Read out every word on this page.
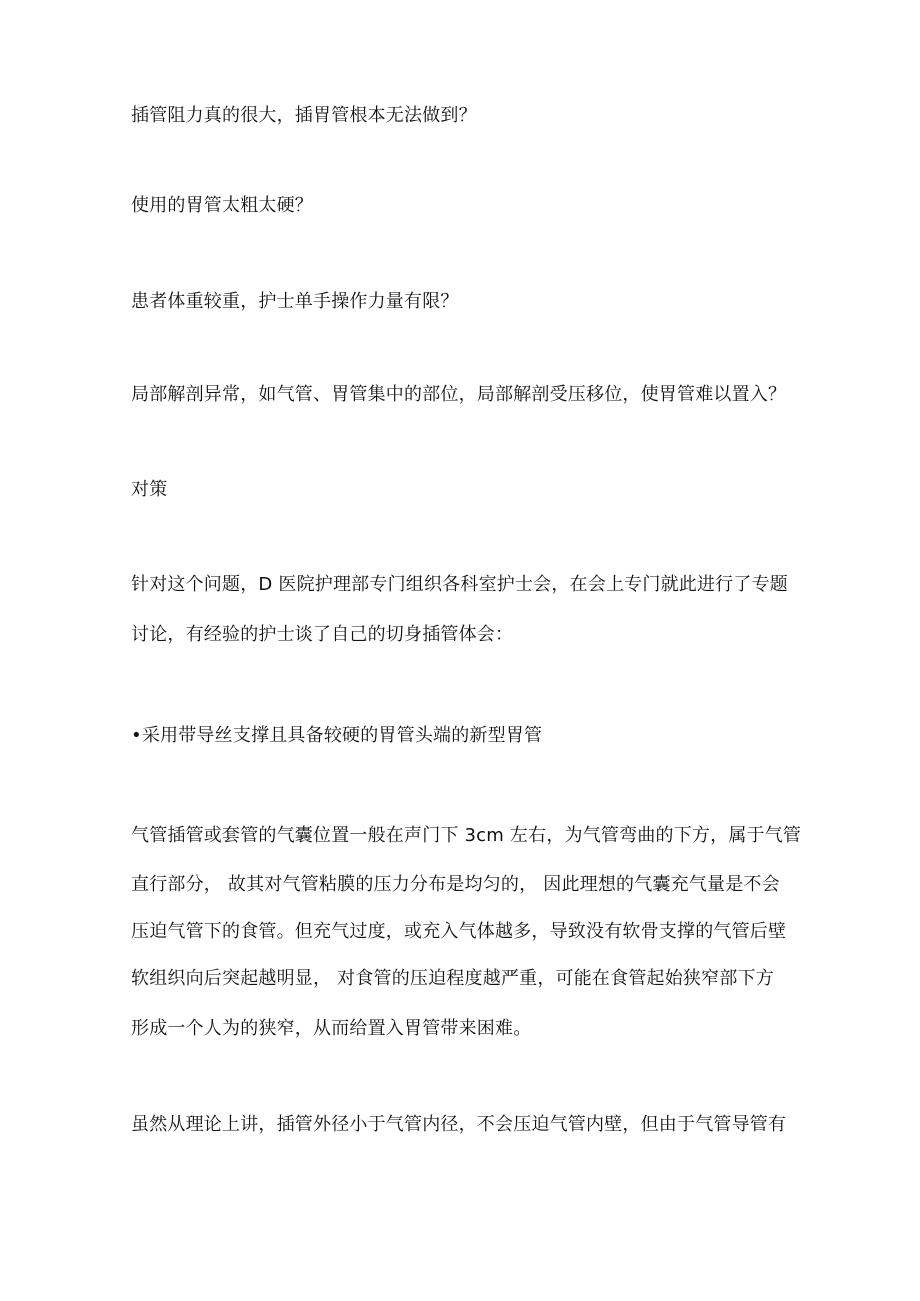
插管阻力真的很大，插胃管根本无法做到？
使用的胃管太粗太硬？
患者体重较重，护士单手操作力量有限？
局部解剖异常，如气管、胃管集中的部位，局部解剖受压移位，使胃管难以置入？
对策
针对这个问题，D 医院护理部专门组织各科室护士会，在会上专门就此进行了专题
讨论，有经验的护士谈了自己的切身插管体会：
•采用带导丝支撑且具备较硬的胃管头端的新型胃管
气管插管或套管的气囊位置一般在声门下 3cm 左右，为气管弯曲的下方，属于气管
直行部分， 故其对气管粘膜的压力分布是均匀的， 因此理想的气囊充气量是不会
压迫气管下的食管。但充气过度，或充入气体越多，导致没有软骨支撑的气管后壁
软组织向后突起越明显， 对食管的压迫程度越严重，可能在食管起始狭窄部下方
形成一个人为的狭窄，从而给置入胃管带来困难。
虽然从理论上讲，插管外径小于气管内径，不会压迫气管内壁，但由于气管导管有
